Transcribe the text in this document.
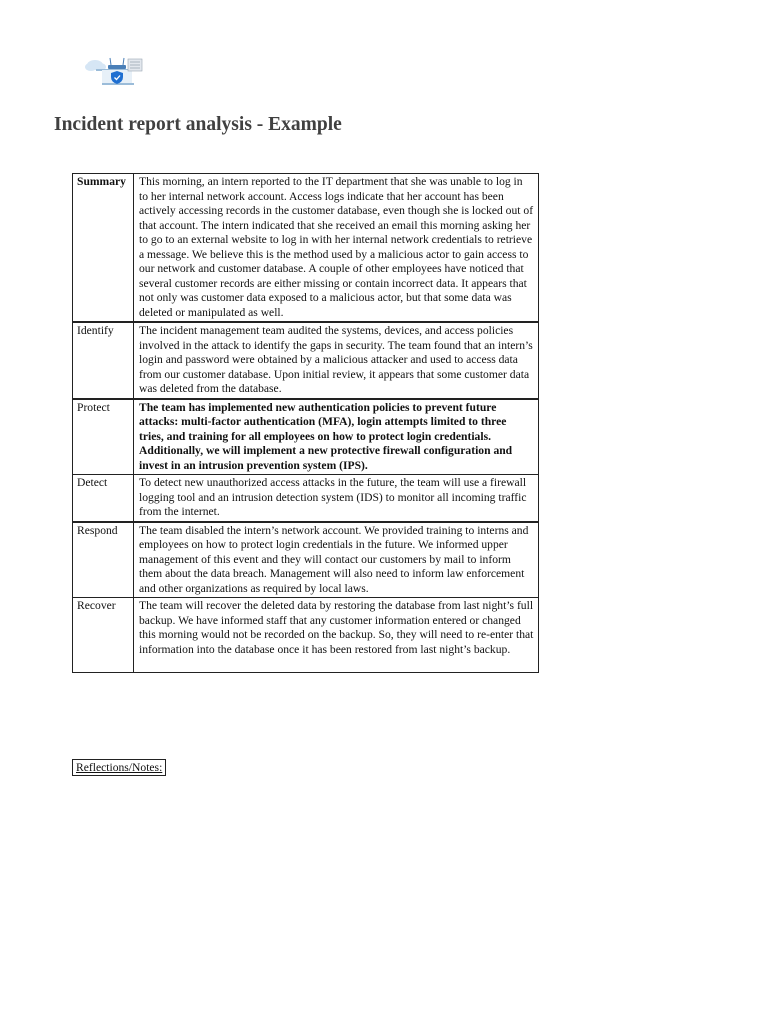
Incident report analysis - Example
Summary	This morning, an intern reported to the IT department that she was unable to log in to her internal network account. Access logs indicate that her account has been actively accessing records in the customer database, even though she is locked out of that account. The intern indicated that she received an email this morning asking her to go to an external website to log in with her internal network credentials to retrieve a message. We believe this is the method used by a malicious actor to gain access to our network and customer database. A couple of other employees have noticed that several customer records are either missing or contain incorrect data. It appears that not only was customer data exposed to a malicious actor, but that some data was deleted or manipulated as well.
Identify	The incident management team audited the systems, devices, and access policies involved in the attack to identify the gaps in security. The team found that an intern’s login and password were obtained by a malicious attacker and used to access data from our customer database. Upon initial review, it appears that some customer data was deleted from the database.
Protect	The team has implemented new authentication policies to prevent future attacks: multi-factor authentication (MFA), login attempts limited to three tries, and training for all employees on how to protect login credentials. Additionally, we will implement a new protective firewall configuration and invest in an intrusion prevention system (IPS).
Detect	To detect new unauthorized access attacks in the future, the team will use a firewall logging tool and an intrusion detection system (IDS) to monitor all incoming traffic from the internet.
Respond	The team disabled the intern’s network account. We provided training to interns and employees on how to protect login credentials in the future. We informed upper management of this event and they will contact our customers by mail to inform them about the data breach. Management will also need to inform law enforcement and other organizations as required by local laws.
Recover	The team will recover the deleted data by restoring the database from last night’s full backup. We have informed staff that any customer information entered or changed this morning would not be recorded on the backup. So, they will need to re-enter that information into the database once it has been restored from last night’s backup.
Reflections/Notes:
